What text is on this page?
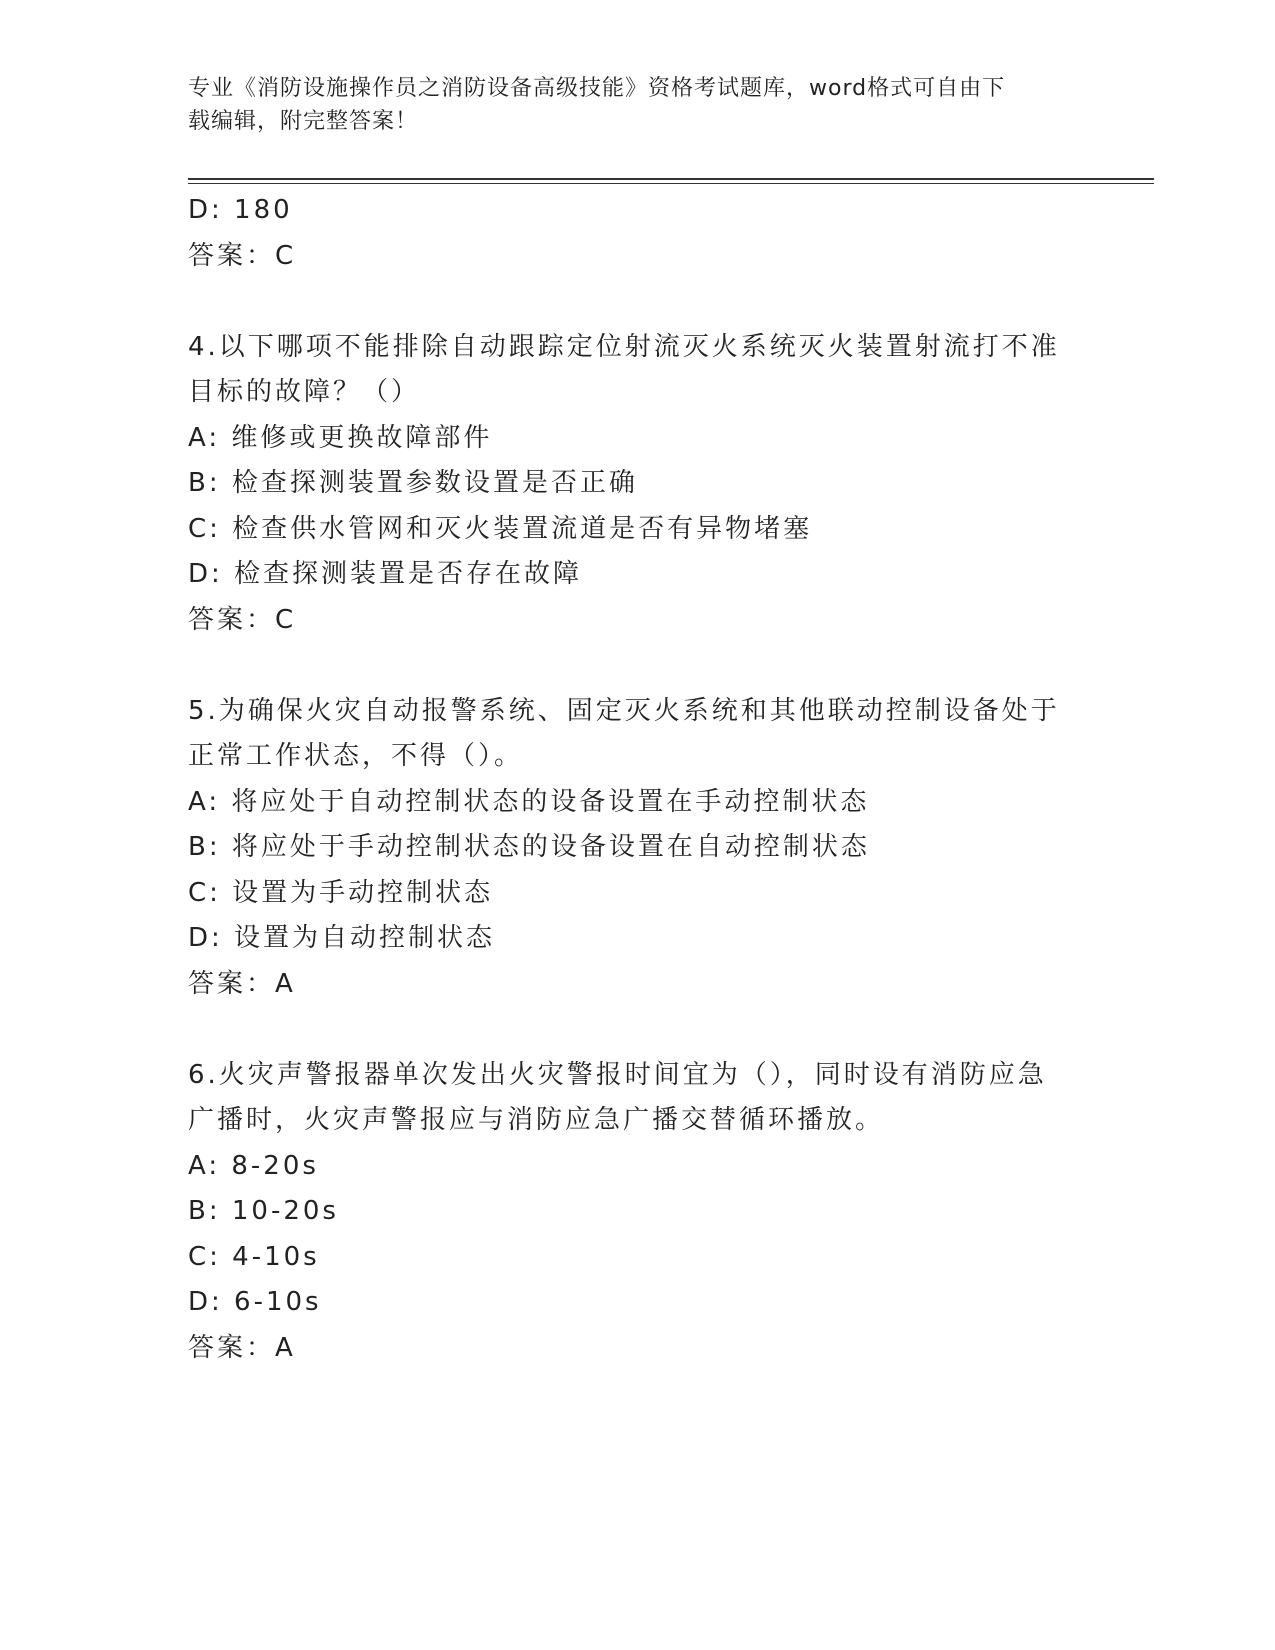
专业《消防设施操作员之消防设备高级技能》资格考试题库，word格式可自由下
载编辑，附完整答案！
D: 180
答案：C
4.以下哪项不能排除自动跟踪定位射流灭火系统灭火装置射流打不准
目标的故障？（）
A: 维修或更换故障部件
B: 检查探测装置参数设置是否正确
C: 检查供水管网和灭火装置流道是否有异物堵塞
D: 检查探测装置是否存在故障
答案：C
5.为确保火灾自动报警系统、固定灭火系统和其他联动控制设备处于
正常工作状态，不得（）。
A: 将应处于自动控制状态的设备设置在手动控制状态
B: 将应处于手动控制状态的设备设置在自动控制状态
C: 设置为手动控制状态
D: 设置为自动控制状态
答案：A
6.火灾声警报器单次发出火灾警报时间宜为（），同时设有消防应急
广播时，火灾声警报应与消防应急广播交替循环播放。
A: 8-20s
B: 10-20s
C: 4-10s
D: 6-10s
答案：A
